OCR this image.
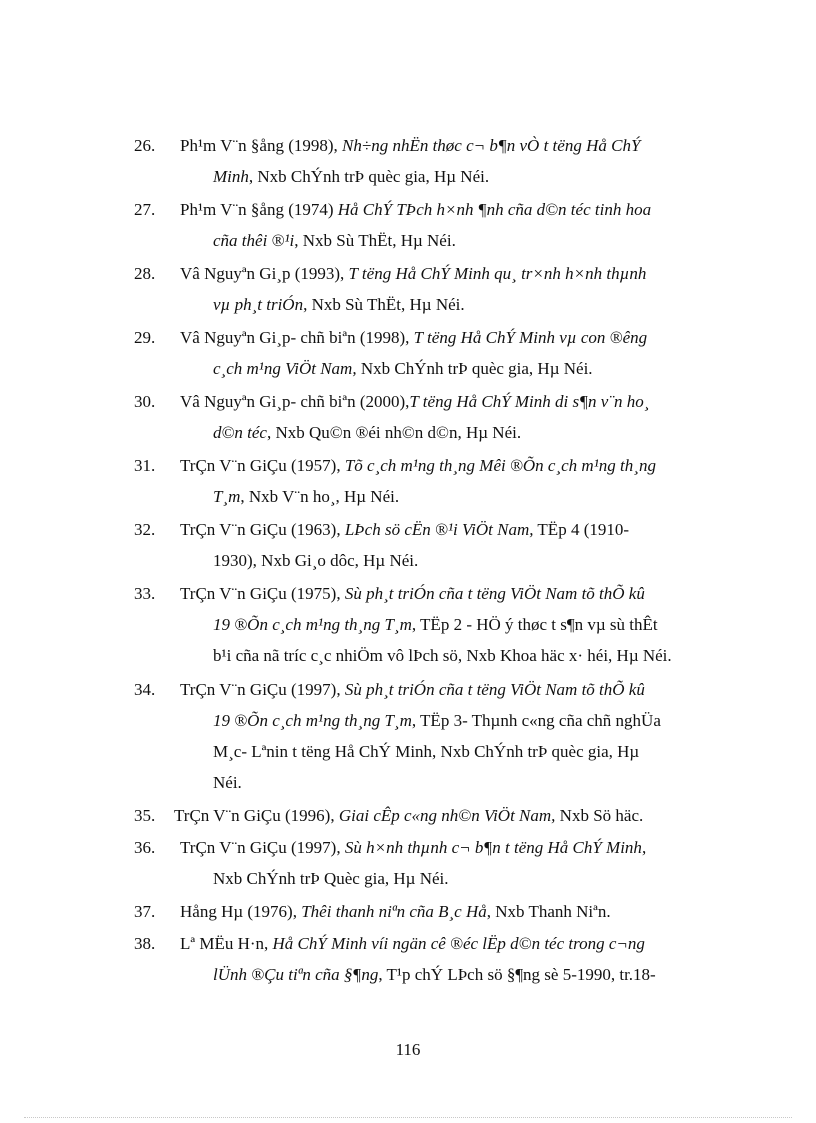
26. Ph¹m V¨n §ång (1998), Nh÷ng nhËn thøc c¬ b¶n vÒ t tëng Hå ChÝ
Minh, Nxb ChÝnh trÞ quèc gia, Hµ Néi.
27. Ph¹m V¨n §ång (1974) Hå ChÝ TÞch h×nh ¶nh cña d©n téc tinh hoa
cña thêi ®¹i, Nxb Sù ThËt, Hµ Néi.
28. Vâ Nguyªn Gi¸p (1993), T tëng Hå ChÝ Minh qu¸ tr×nh h×nh thµnh
vµ ph¸t triÓn, Nxb Sù ThËt, Hµ Néi.
29. Vâ Nguyªn Gi¸p- chñ biªn (1998), T tëng Hå ChÝ Minh vµ con ®êng
c¸ch m¹ng ViÖt Nam, Nxb ChÝnh trÞ quèc gia, Hµ Néi.
30. Vâ Nguyªn Gi¸p- chñ biªn (2000),T tëng Hå ChÝ Minh di s¶n v¨n ho¸
d©n téc, Nxb Qu©n ®éi nh©n d©n, Hµ Néi.
31. TrÇn V¨n GiÇu (1957), Tõ c¸ch m¹ng th¸ng Mêi ®Õn c¸ch m¹ng th¸ng
T¸m, Nxb V¨n ho¸, Hµ Néi.
32. TrÇn V¨n GiÇu (1963), LÞch sö cËn ®¹i ViÖt Nam, TËp 4 (1910-
1930), Nxb Gi¸o dôc, Hµ Néi.
33. TrÇn V¨n GiÇu (1975), Sù ph¸t triÓn cña t tëng ViÖt Nam tõ thÕ kû
19 ®Õn c¸ch m¹ng th¸ng T¸m, TËp 2 - HÖ ý thøc t s¶n vµ sù thÊt
b¹i cña nã tríc c¸c nhiÖm vô lÞch sö, Nxb Khoa häc x· héi, Hµ Néi.
34. TrÇn V¨n GiÇu (1997), Sù ph¸t triÓn cña t tëng ViÖt Nam tõ thÕ kû
19 ®Õn c¸ch m¹ng th¸ng T¸m, TËp 3- Thµnh c«ng cña chñ nghÜa
M¸c- Lªnin t tëng Hå ChÝ Minh, Nxb ChÝnh trÞ quèc gia, Hµ
Néi.
35. TrÇn V¨n GiÇu (1996), Giai cÊp c«ng nh©n ViÖt Nam, Nxb Sö häc.
36. TrÇn V¨n GiÇu (1997), Sù h×nh thµnh c¬ b¶n t tëng Hå ChÝ Minh,
Nxb ChÝnh trÞ Quèc gia, Hµ Néi.
37. Hång Hµ (1976), Thêi thanh niªn cña B¸c Hå, Nxb Thanh Niªn.
38. Lª MËu H·n, Hå ChÝ Minh víi ngän cê ®éc lËp d©n téc trong c¬ng
lÜnh ®Çu tiªn cña §¶ng, T¹p chÝ LÞch sö §¶ng sè 5-1990, tr.18-
116
